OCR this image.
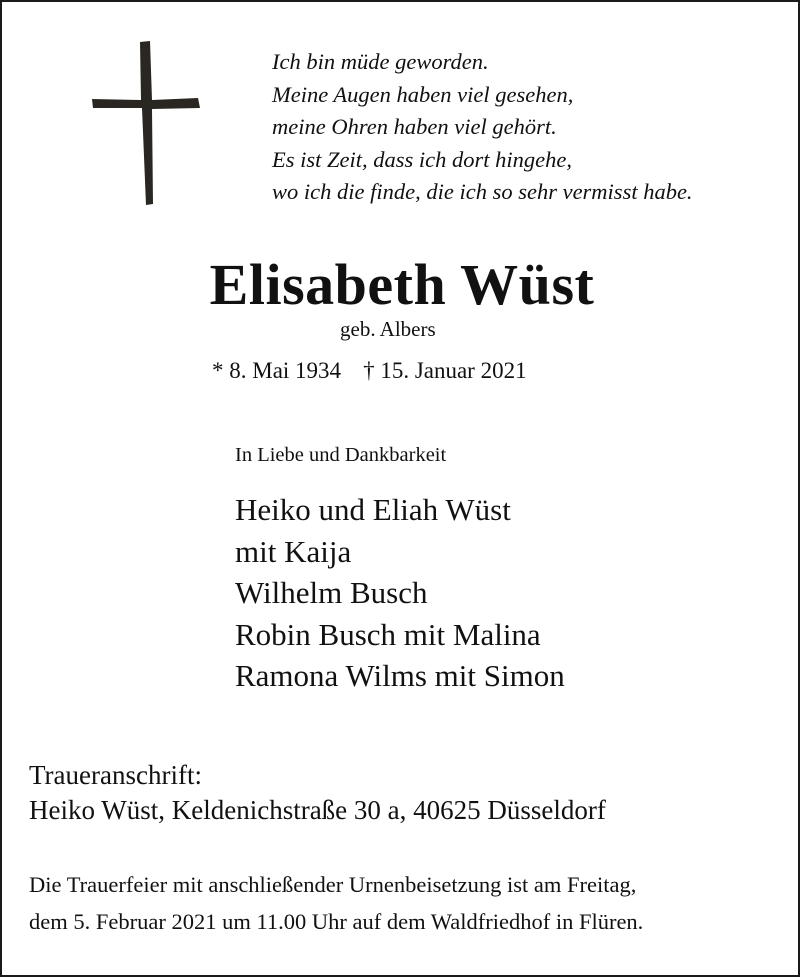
Ich bin müde geworden.
Meine Augen haben viel gesehen,
meine Ohren haben viel gehört.
Es ist Zeit, dass ich dort hingehe,
wo ich die finde, die ich so sehr vermisst habe.
Elisabeth Wüst
geb. Albers
* 8. Mai 1934 † 15. Januar 2021
In Liebe und Dankbarkeit
Heiko und Eliah Wüst
mit Kaija
Wilhelm Busch
Robin Busch mit Malina
Ramona Wilms mit Simon
Traueranschrift:
Heiko Wüst, Keldenichstraße 30 a, 40625 Düsseldorf
Die Trauerfeier mit anschließender Urnenbeisetzung ist am Freitag,
dem 5. Februar 2021 um 11.00 Uhr auf dem Waldfriedhof in Flüren.
